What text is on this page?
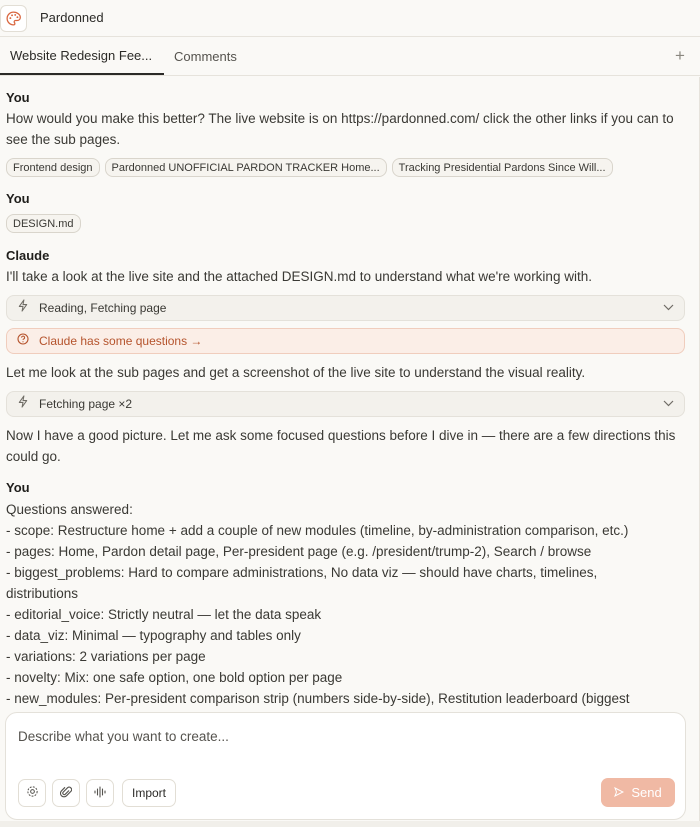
Pardonned
Website Redesign Fee...	Comments	+
You
How would you make this better? The live website is on https://pardonned.com/ click the other links if you can to see the sub pages.
Frontend design	Pardonned UNOFFICIAL PARDON TRACKER Home...	Tracking Presidential Pardons Since Will...
You
DESIGN.md
Claude
I'll take a look at the live site and the attached DESIGN.md to understand what we're working with.
Reading, Fetching page
Claude has some questions →
Let me look at the sub pages and get a screenshot of the live site to understand the visual reality.
Fetching page ×2
Now I have a good picture. Let me ask some focused questions before I dive in — there are a few directions this could go.
You
Questions answered:
- scope: Restructure home + add a couple of new modules (timeline, by-administration comparison, etc.)
- pages: Home, Pardon detail page, Per-president page (e.g. /president/trump-2), Search / browse
- biggest_problems: Hard to compare administrations, No data viz — should have charts, timelines,
distributions
- editorial_voice: Strictly neutral — let the data speak
- data_viz: Minimal — typography and tables only
- variations: 2 variations per page
- novelty: Mix: one safe option, one bold option per page
- new_modules: Per-president comparison strip (numbers side-by-side), Restitution leaderboard (biggest
Describe what you want to create...
Import	Send
